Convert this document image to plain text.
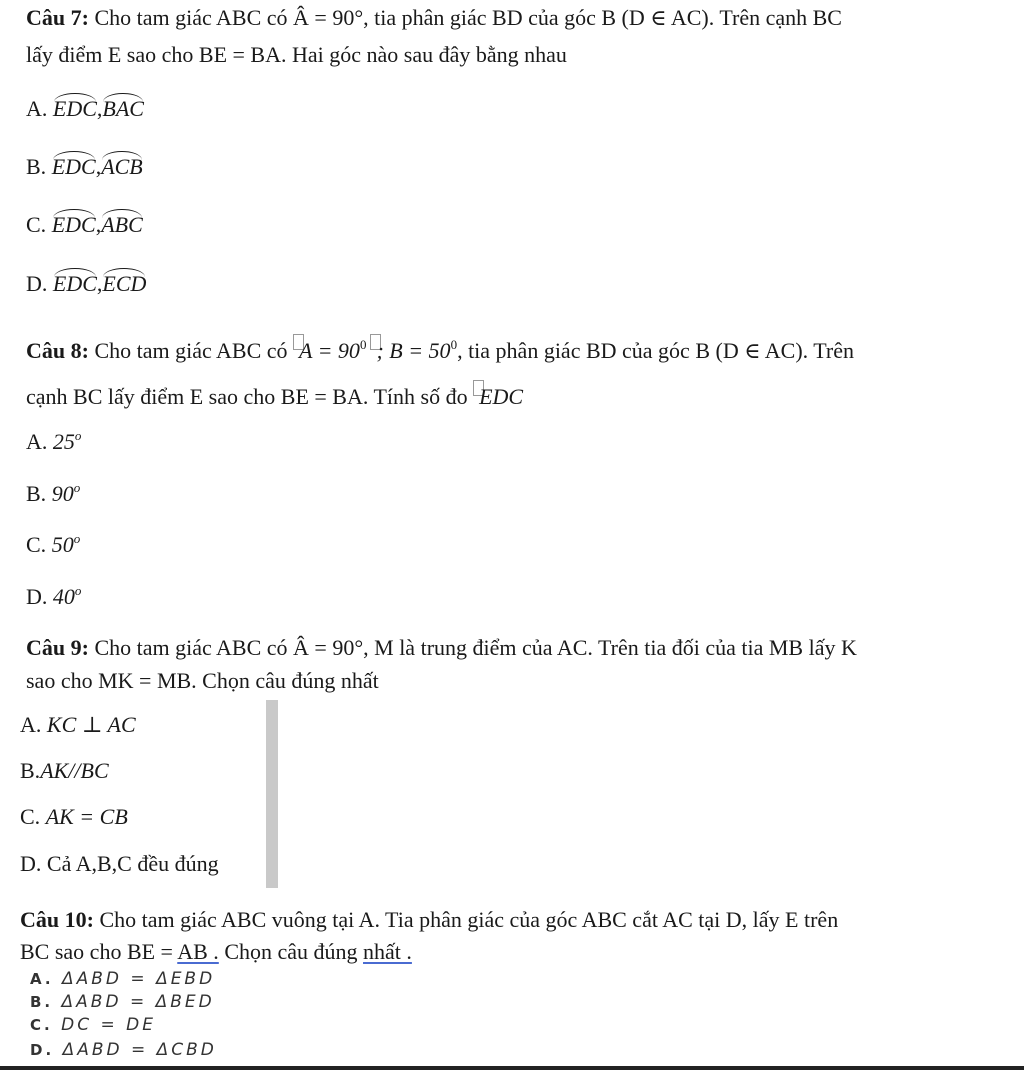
Câu 7: Cho tam giác ABC có Â = 90°, tia phân giác BD của góc B (D ∈ AC). Trên cạnh BC
lấy điểm E sao cho BE = BA. Hai góc nào sau đây bằng nhau
A. EDC,BAC
B. EDC,ACB
C. EDC,ABC
D. EDC,ECD
Câu 8: Cho tam giác ABC có $A = 90^0$ ; $B = 50^0$, tia phân giác BD của góc B (D ∈ AC). Trên
cạnh BC lấy điểm E sao cho BE = BA. Tính số đo EDC
A. 25$^o$
B. 90$^o$
C. 50$^o$
D. 40$^o$
Câu 9: Cho tam giác ABC có Â = 90°, M là trung điểm của AC. Trên tia đối của tia MB lấy K
sao cho MK = MB. Chọn câu đúng nhất
A. KC ⊥ AC
B.AK//BC
C. AK = CB
D. Cả A,B,C đều đúng
Câu 10: Cho tam giác ABC vuông tại A. Tia phân giác của góc ABC cắt AC tại D, lấy E trên
BC sao cho BE = AB . Chọn câu đúng nhất .
A. ΔABD = ΔEBD
B. ΔABD = ΔBED
C. DC = DE
D. ΔABD = ΔCBD
